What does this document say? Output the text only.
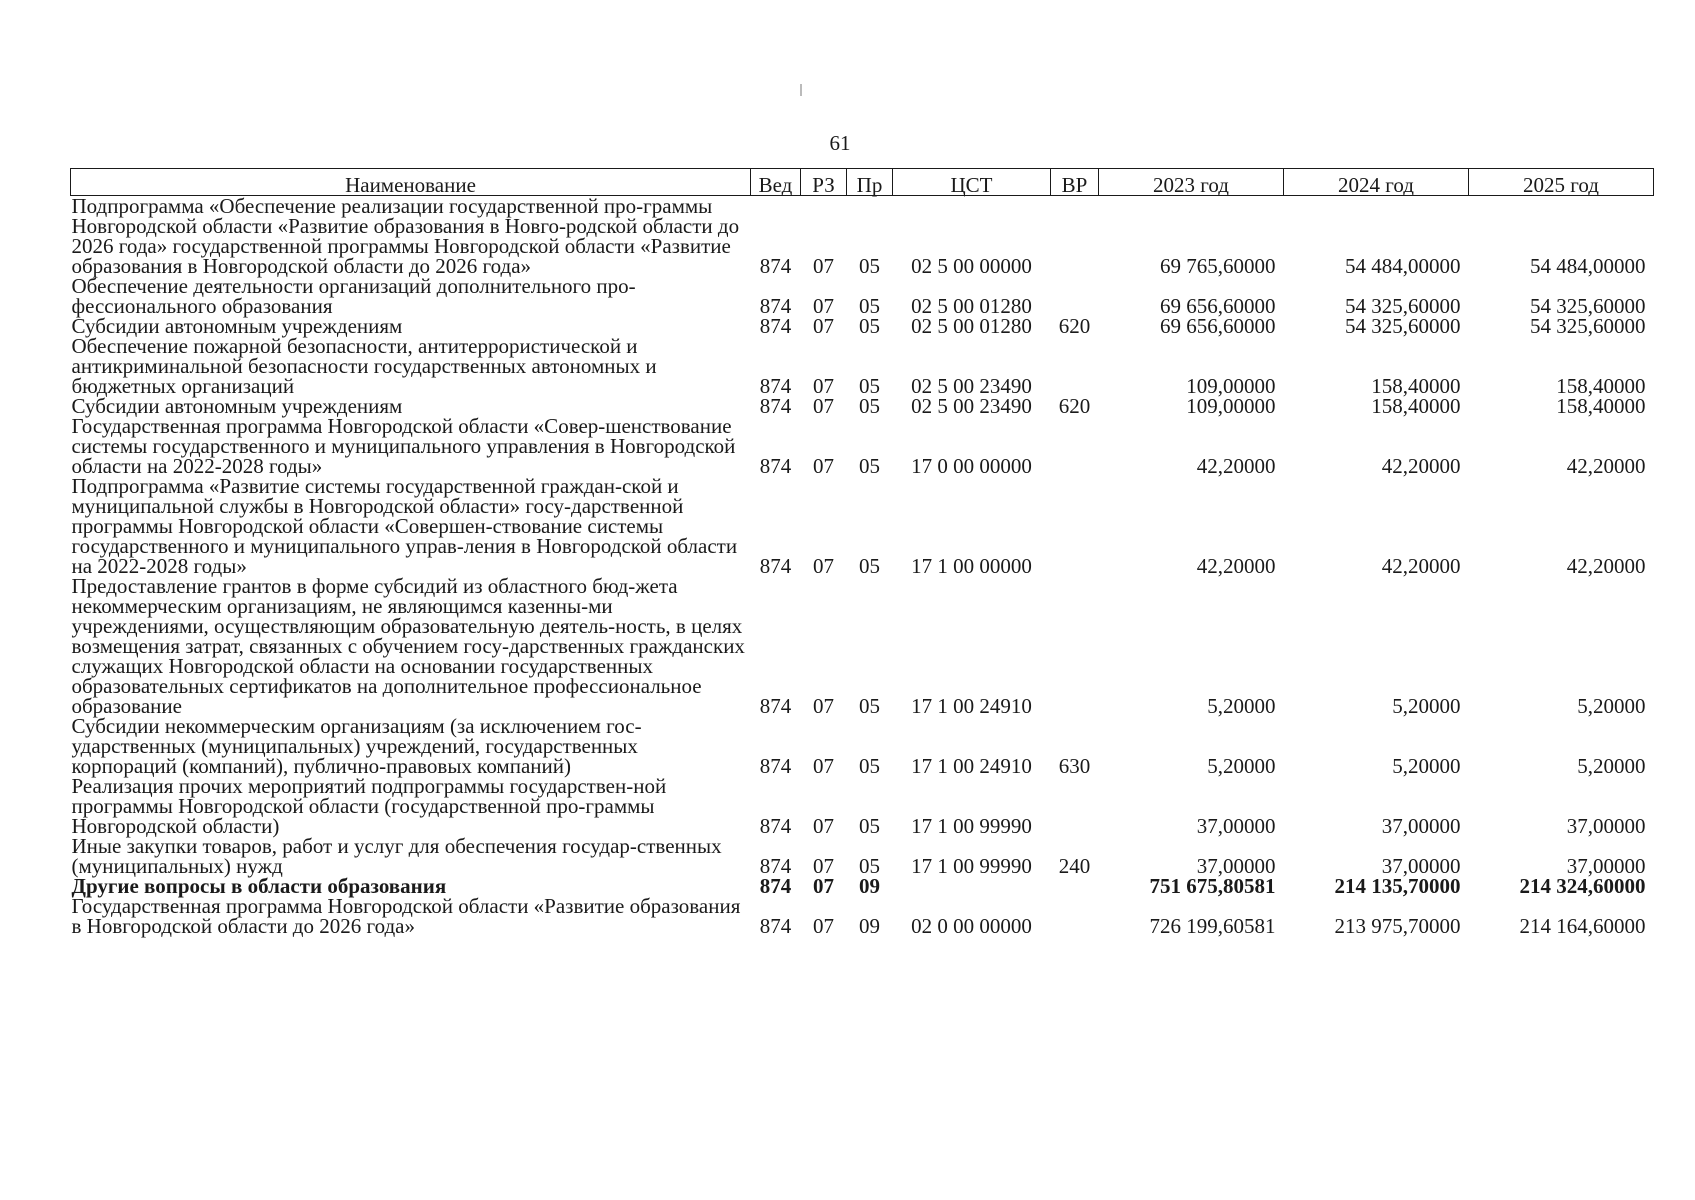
61
Наименование	Вед	РЗ	Пр	ЦСТ	ВР	2023 год	2024 год	2025 год
Подпрограмма «Обеспечение реализации государственной про-граммы Новгородской области «Развитие образования в Новго-родской области до 2026 года» государственной программы Новгородской области «Развитие образования в Новгородской области до 2026 года»	874	07	05	02 5 00 00000		69 765,60000	54 484,00000	54 484,00000
Обеспечение деятельности организаций дополнительного про-фессионального образования	874	07	05	02 5 00 01280		69 656,60000	54 325,60000	54 325,60000
Субсидии автономным учреждениям	874	07	05	02 5 00 01280	620	69 656,60000	54 325,60000	54 325,60000
Обеспечение пожарной безопасности, антитеррористической и антикриминальной безопасности государственных автономных и бюджетных организаций	874	07	05	02 5 00 23490		109,00000	158,40000	158,40000
Субсидии автономным учреждениям	874	07	05	02 5 00 23490	620	109,00000	158,40000	158,40000
Государственная программа Новгородской области «Совер-шенствование системы государственного и муниципального управления в Новгородской области на 2022-2028 годы»	874	07	05	17 0 00 00000		42,20000	42,20000	42,20000
Подпрограмма «Развитие системы государственной граждан-ской и муниципальной службы в Новгородской области» госу-дарственной программы Новгородской области «Совершен-ствование системы государственного и муниципального управ-ления в Новгородской области на 2022-2028 годы»	874	07	05	17 1 00 00000		42,20000	42,20000	42,20000
Предоставление грантов в форме субсидий из областного бюд-жета некоммерческим организациям, не являющимся казенны-ми учреждениями, осуществляющим образовательную деятель-ность, в целях возмещения затрат, связанных с обучением госу-дарственных гражданских служащих Новгородской области на основании государственных образовательных сертификатов на дополнительное профессиональное образование	874	07	05	17 1 00 24910		5,20000	5,20000	5,20000
Субсидии некоммерческим организациям (за исключением гос-ударственных (муниципальных) учреждений, государственных корпораций (компаний), публично-правовых компаний)	874	07	05	17 1 00 24910	630	5,20000	5,20000	5,20000
Реализация прочих мероприятий подпрограммы государствен-ной программы Новгородской области (государственной про-граммы Новгородской области)	874	07	05	17 1 00 99990		37,00000	37,00000	37,00000
Иные закупки товаров, работ и услуг для обеспечения государ-ственных (муниципальных) нужд	874	07	05	17 1 00 99990	240	37,00000	37,00000	37,00000
Другие вопросы в области образования	874	07	09			751 675,80581	214 135,70000	214 324,60000
Государственная программа Новгородской области «Развитие образования в Новгородской области до 2026 года»	874	07	09	02 0 00 00000		726 199,60581	213 975,70000	214 164,60000
